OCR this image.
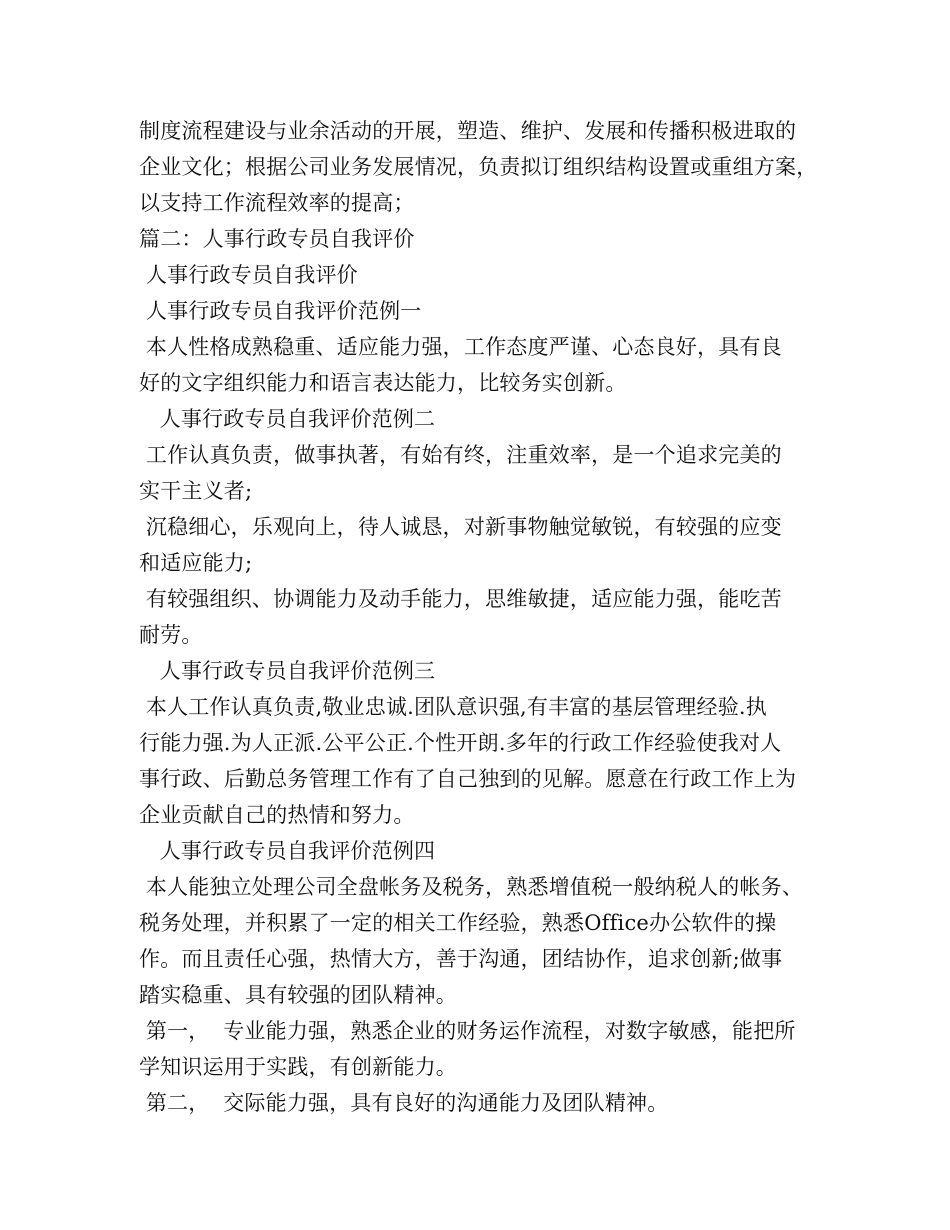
制度流程建设与业余活动的开展，塑造、维护、发展和传播积极进取的
企业文化；根据公司业务发展情况，负责拟订组织结构设置或重组方案，
以支持工作流程效率的提高；
篇二：人事行政专员自我评价
人事行政专员自我评价
人事行政专员自我评价范例一
本人性格成熟稳重、适应能力强，工作态度严谨、心态良好，具有良
好的文字组织能力和语言表达能力，比较务实创新。
人事行政专员自我评价范例二
工作认真负责，做事执著，有始有终，注重效率，是一个追求完美的
实干主义者;
沉稳细心，乐观向上，待人诚恳，对新事物触觉敏锐，有较强的应变
和适应能力;
有较强组织、协调能力及动手能力，思维敏捷，适应能力强，能吃苦
耐劳。
人事行政专员自我评价范例三
本人工作认真负责,敬业忠诚.团队意识强,有丰富的基层管理经验.执
行能力强.为人正派.公平公正.个性开朗.多年的行政工作经验使我对人
事行政、后勤总务管理工作有了自己独到的见解。愿意在行政工作上为
企业贡献自己的热情和努力。
人事行政专员自我评价范例四
本人能独立处理公司全盘帐务及税务，熟悉增值税一般纳税人的帐务、
税务处理，并积累了一定的相关工作经验，熟悉Office办公软件的操
作。而且责任心强，热情大方，善于沟通，团结协作，追求创新;做事
踏实稳重、具有较强的团队精神。
第一，  专业能力强，熟悉企业的财务运作流程，对数字敏感，能把所
学知识运用于实践，有创新能力。
第二，  交际能力强，具有良好的沟通能力及团队精神。
